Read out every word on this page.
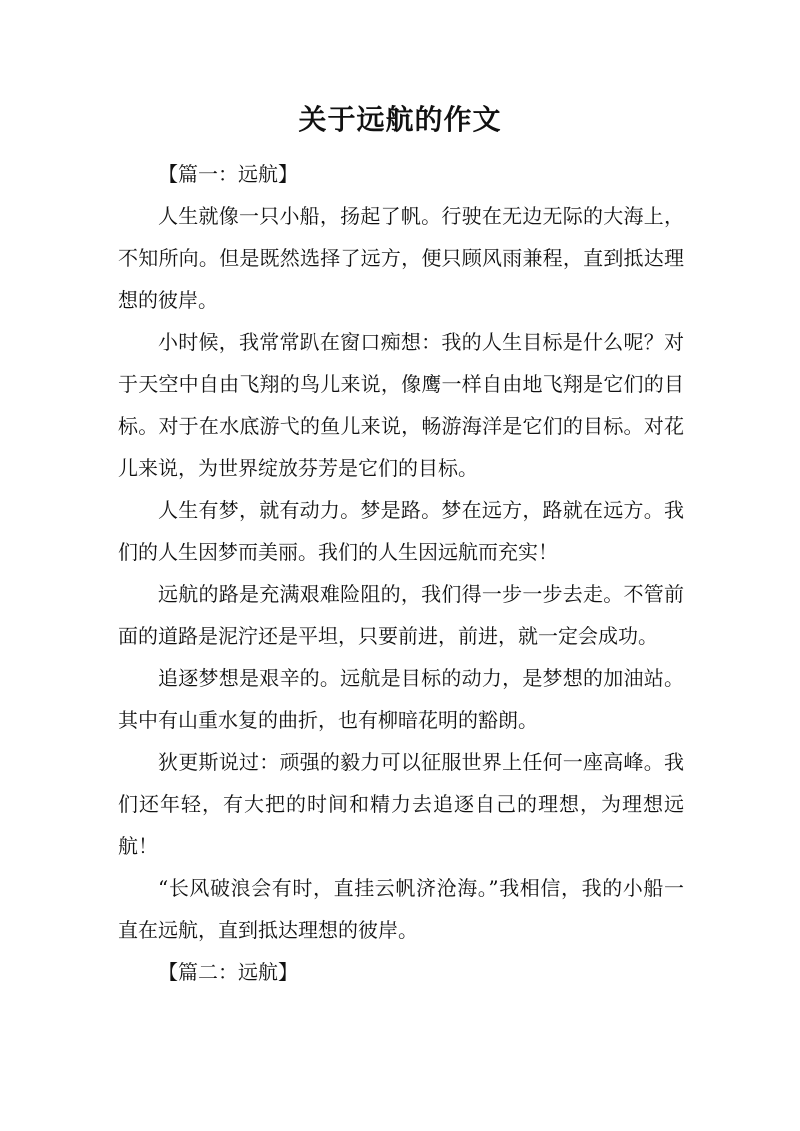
关于远航的作文

【篇一：远航】

人生就像一只小船，扬起了帆。行驶在无边无际的大海上，不知所向。但是既然选择了远方，便只顾风雨兼程，直到抵达理想的彼岸。

小时候，我常常趴在窗口痴想：我的人生目标是什么呢？对于天空中自由飞翔的鸟儿来说，像鹰一样自由地飞翔是它们的目标。对于在水底游弋的鱼儿来说，畅游海洋是它们的目标。对花儿来说，为世界绽放芬芳是它们的目标。

人生有梦，就有动力。梦是路。梦在远方，路就在远方。我们的人生因梦而美丽。我们的人生因远航而充实！

远航的路是充满艰难险阻的，我们得一步一步去走。不管前面的道路是泥泞还是平坦，只要前进，前进，就一定会成功。

追逐梦想是艰辛的。远航是目标的动力，是梦想的加油站。其中有山重水复的曲折，也有柳暗花明的豁朗。

狄更斯说过：顽强的毅力可以征服世界上任何一座高峰。我们还年轻，有大把的时间和精力去追逐自己的理想，为理想远航！

“长风破浪会有时，直挂云帆济沧海。”我相信，我的小船一直在远航，直到抵达理想的彼岸。

【篇二：远航】
